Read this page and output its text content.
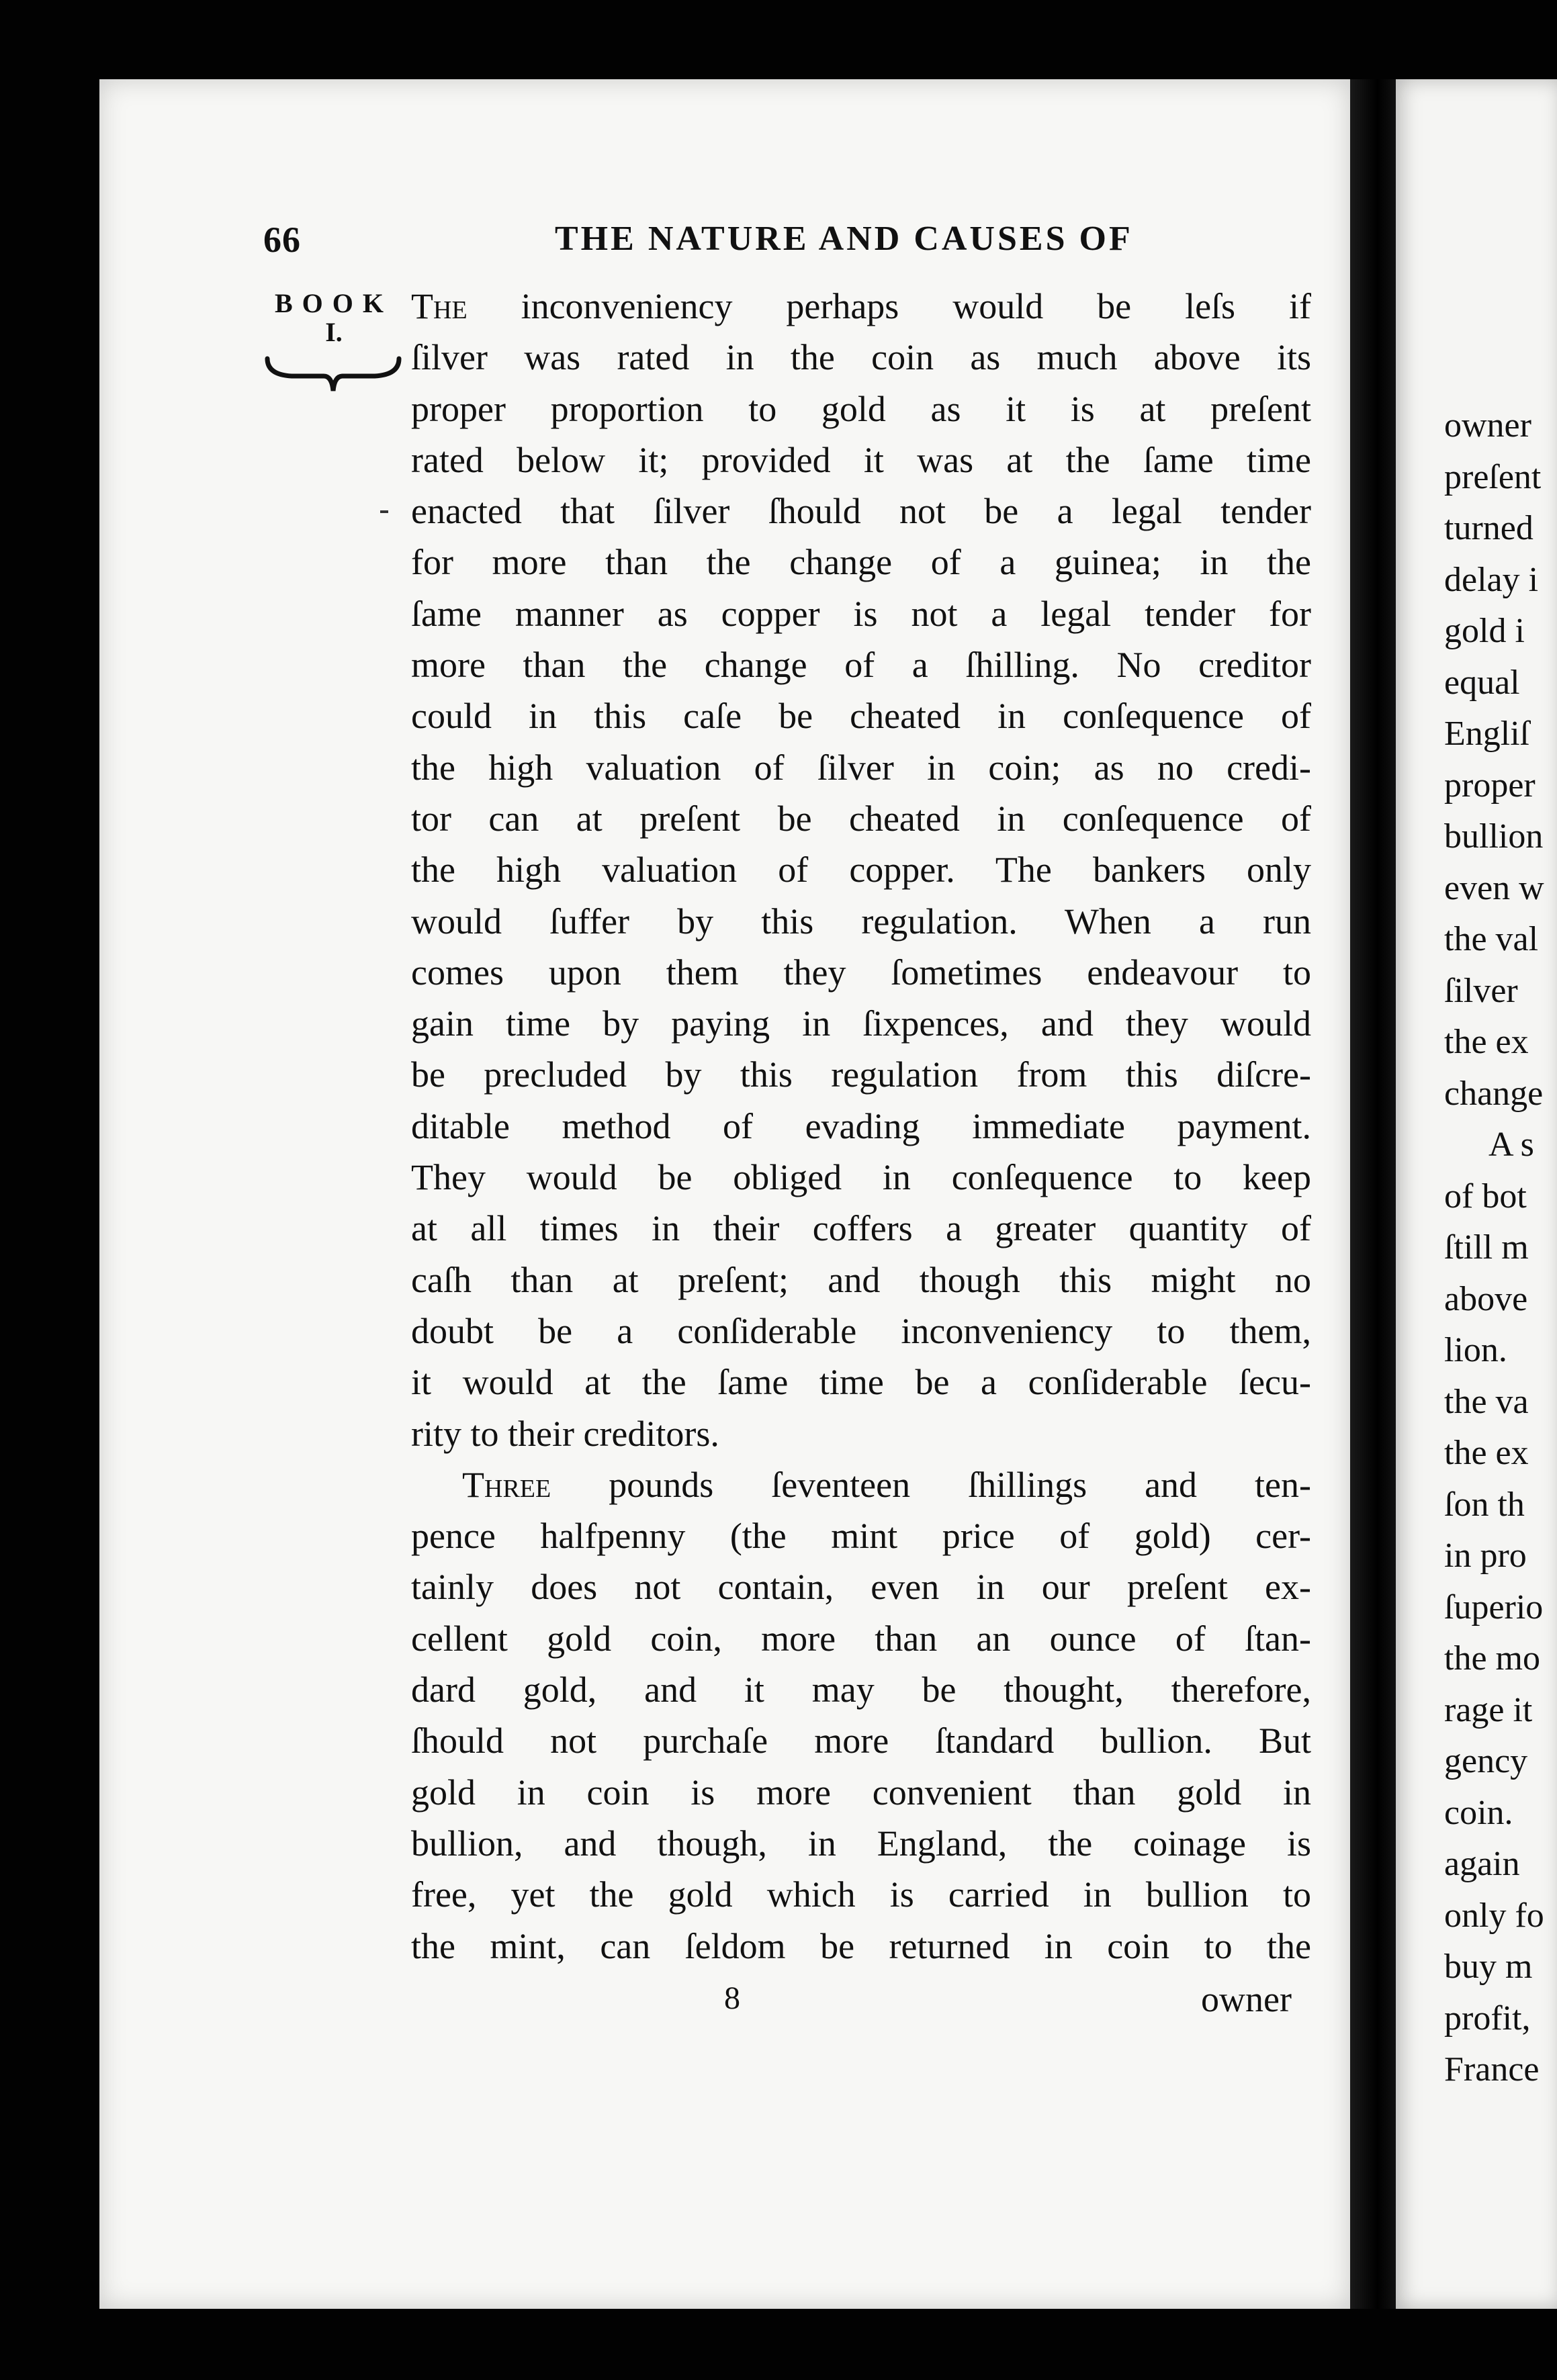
owner
preſent
turned
delay i
gold i
equal
Engliſ
proper
bullion
even w
the val
ſilver
the ex
change
A s
of bot
ſtill m
above
lion.
the va
the ex
ſon th
in pro
ſuperio
the mo
rage it
gency
coin.
again
only fo
buy m
profit,
France
66	THE NATURE AND CAUSES OF
BOOK
I.
The inconveniency perhaps would be leſs if
ſilver was rated in the coin as much above its
proper proportion to gold as it is at preſent
rated below it; provided it was at the ſame time
enacted that ſilver ſhould not be a legal tender
for more than the change of a guinea; in the
ſame manner as copper is not a legal tender for
more than the change of a ſhilling. No creditor
could in this caſe be cheated in conſequence of
the high valuation of ſilver in coin; as no credi-
tor can at preſent be cheated in conſequence of
the high valuation of copper. The bankers only
would ſuffer by this regulation. When a run
comes upon them they ſometimes endeavour to
gain time by paying in ſixpences, and they would
be precluded by this regulation from this diſcre-
ditable method of evading immediate payment.
They would be obliged in conſequence to keep
at all times in their coffers a greater quantity of
caſh than at preſent; and though this might no
doubt be a conſiderable inconveniency to them,
it would at the ſame time be a conſiderable ſecu-
rity to their creditors.
Three pounds ſeventeen ſhillings and ten-
pence halfpenny (the mint price of gold) cer-
tainly does not contain, even in our preſent ex-
cellent gold coin, more than an ounce of ſtan-
dard gold, and it may be thought, therefore,
ſhould not purchaſe more ſtandard bullion. But
gold in coin is more convenient than gold in
bullion, and though, in England, the coinage is
free, yet the gold which is carried in bullion to
the mint, can ſeldom be returned in coin to the
8	owner
